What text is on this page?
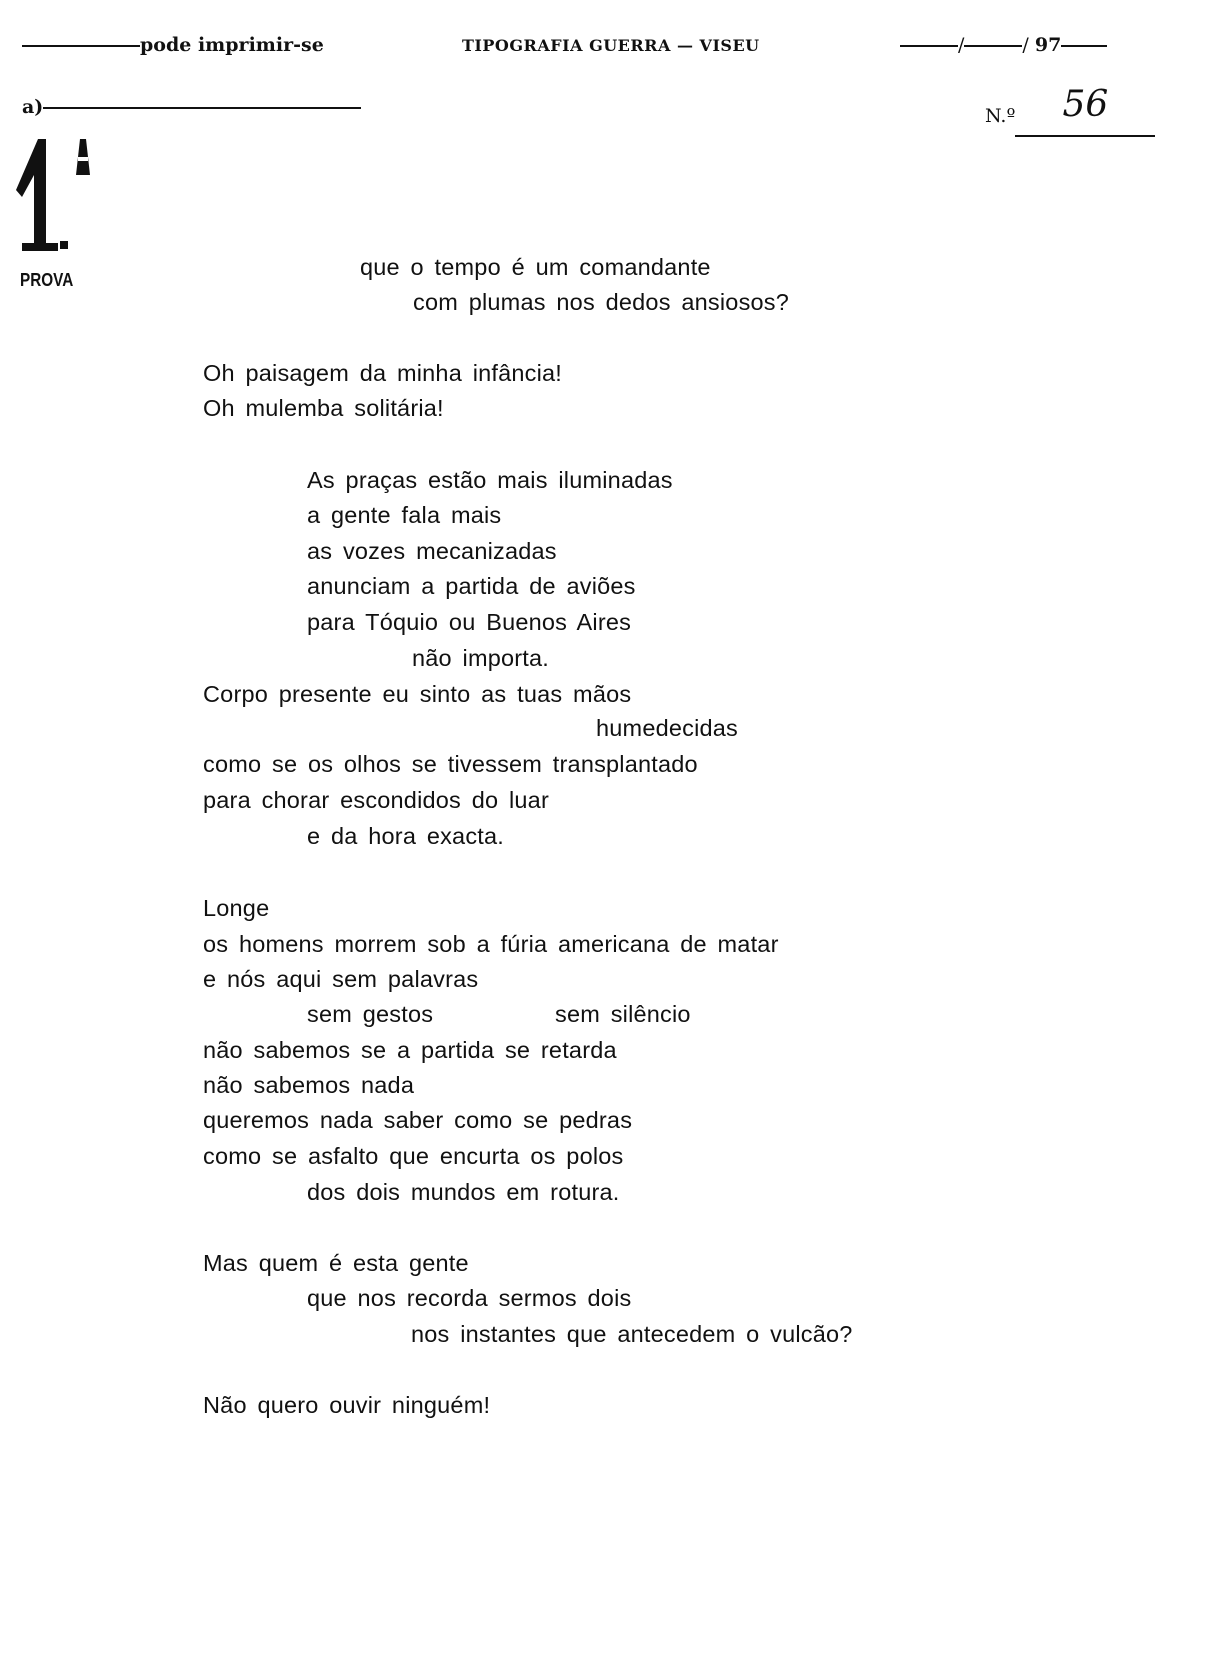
pode imprimir-se	TIPOGRAFIA GUERRA — VISEU	/	/ 97
a)	N.º 56
PROVA	que o tempo é um comandante
com plumas nos dedos ansiosos?
Oh paisagem da minha infância!
Oh mulemba solitária!
As praças estão mais iluminadas
a gente fala mais
as vozes mecanizadas
anunciam a partida de aviões
para Tóquio ou Buenos Aires
não importa.
Corpo presente eu sinto as tuas mãos
humedecidas
como se os olhos se tivessem transplantado
para chorar escondidos do luar
e da hora exacta.
Longe
os homens morrem sob a fúria americana de matar
e nós aqui sem palavras
sem gestos	sem silêncio
não sabemos se a partida se retarda
não sabemos nada
queremos nada saber como se pedras
como se asfalto que encurta os polos
dos dois mundos em rotura.
Mas quem é esta gente
que nos recorda sermos dois
nos instantes que antecedem o vulcão?
Não quero ouvir ninguém!
